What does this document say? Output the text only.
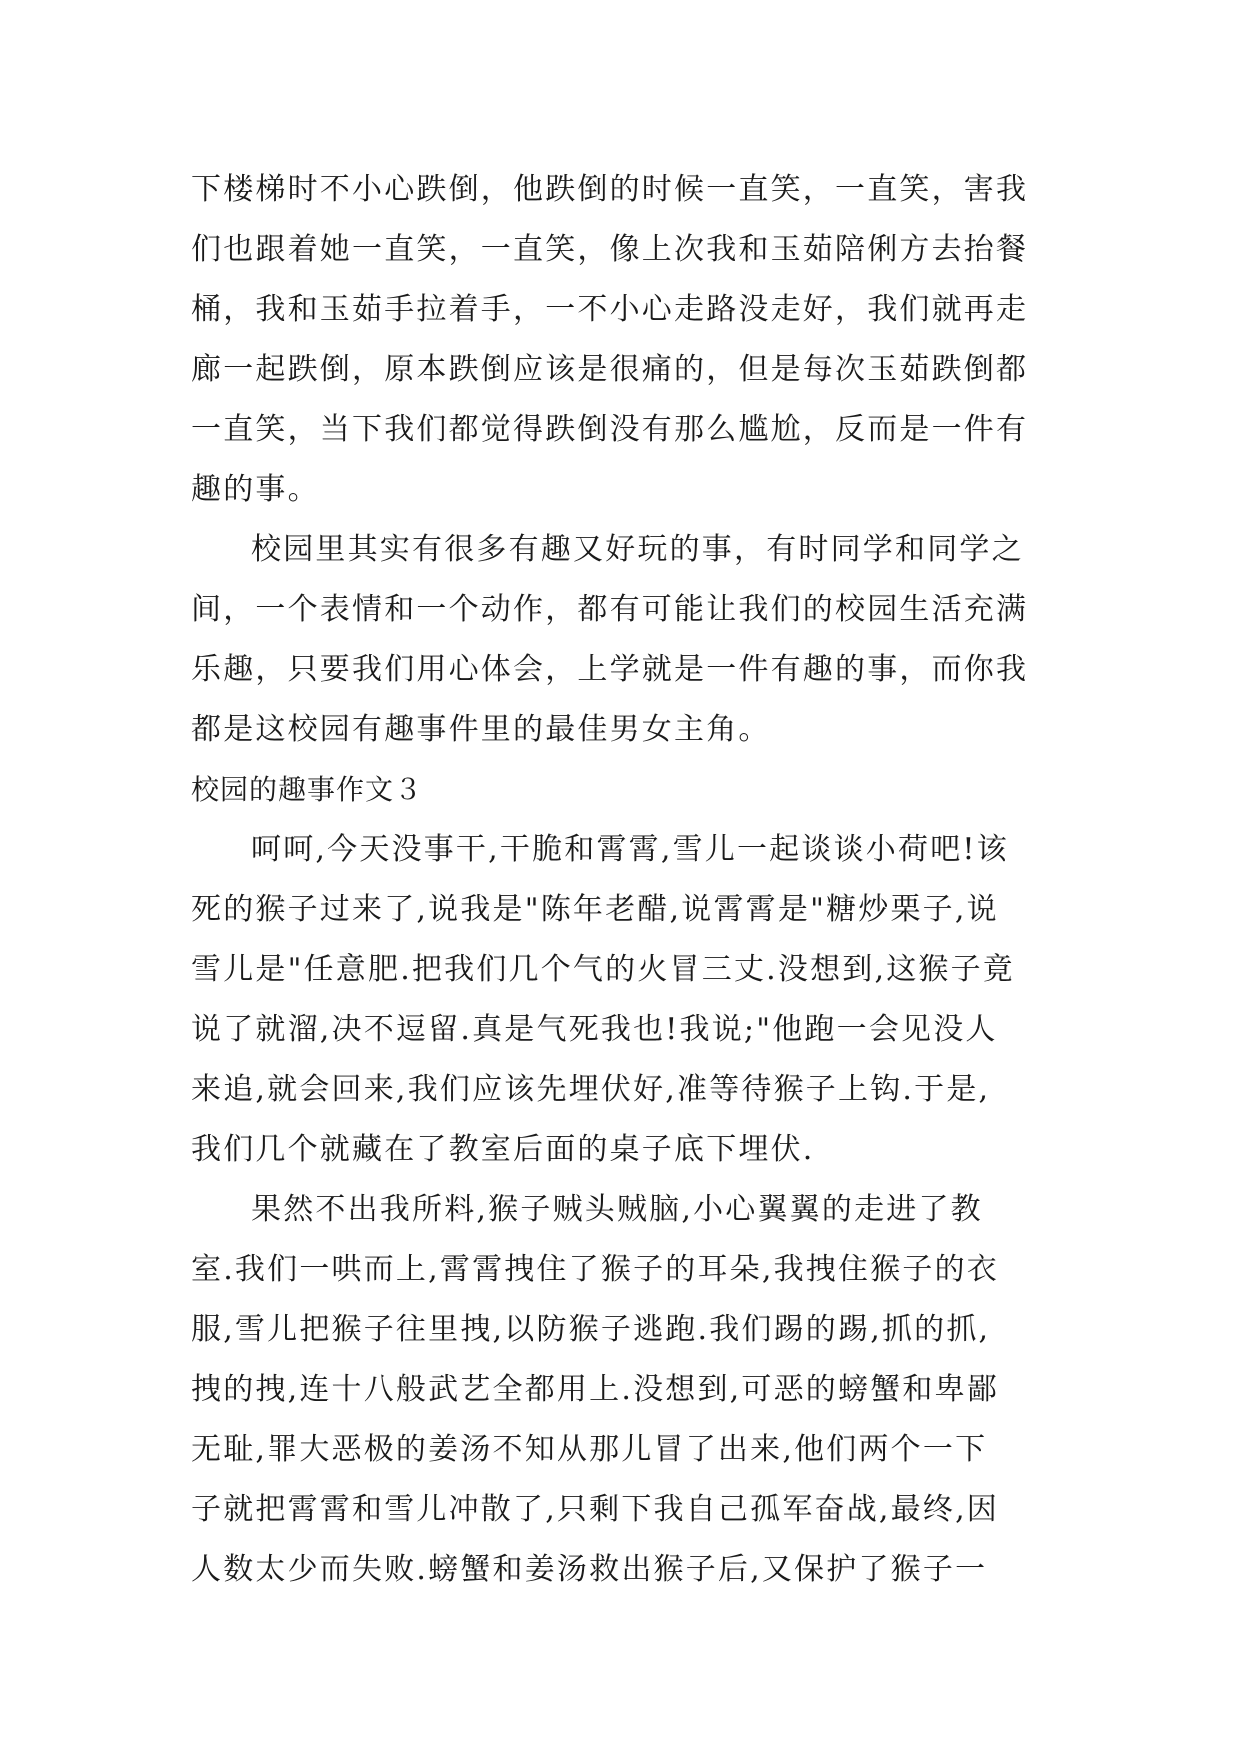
下楼梯时不小心跌倒，他跌倒的时候一直笑，一直笑，害我
们也跟着她一直笑，一直笑，像上次我和玉茹陪俐方去抬餐
桶，我和玉茹手拉着手，一不小心走路没走好，我们就再走
廊一起跌倒，原本跌倒应该是很痛的，但是每次玉茹跌倒都
一直笑，当下我们都觉得跌倒没有那么尴尬，反而是一件有
趣的事。
校园里其实有很多有趣又好玩的事，有时同学和同学之
间，一个表情和一个动作，都有可能让我们的校园生活充满
乐趣，只要我们用心体会，上学就是一件有趣的事，而你我
都是这校园有趣事件里的最佳男女主角。
校园的趣事作文３
呵呵,今天没事干,干脆和霄霄,雪儿一起谈谈小荷吧!该
死的猴子过来了,说我是"陈年老醋,说霄霄是"糖炒栗子,说
雪儿是"任意肥.把我们几个气的火冒三丈.没想到,这猴子竟
说了就溜,决不逗留.真是气死我也!我说;"他跑一会见没人
来追,就会回来,我们应该先埋伏好,准等待猴子上钩.于是,
我们几个就藏在了教室后面的桌子底下埋伏.
果然不出我所料,猴子贼头贼脑,小心翼翼的走进了教
室.我们一哄而上,霄霄拽住了猴子的耳朵,我拽住猴子的衣
服,雪儿把猴子往里拽,以防猴子逃跑.我们踢的踢,抓的抓,
拽的拽,连十八般武艺全都用上.没想到,可恶的螃蟹和卑鄙
无耻,罪大恶极的姜汤不知从那儿冒了出来,他们两个一下
子就把霄霄和雪儿冲散了,只剩下我自己孤军奋战,最终,因
人数太少而失败.螃蟹和姜汤救出猴子后,又保护了猴子一
